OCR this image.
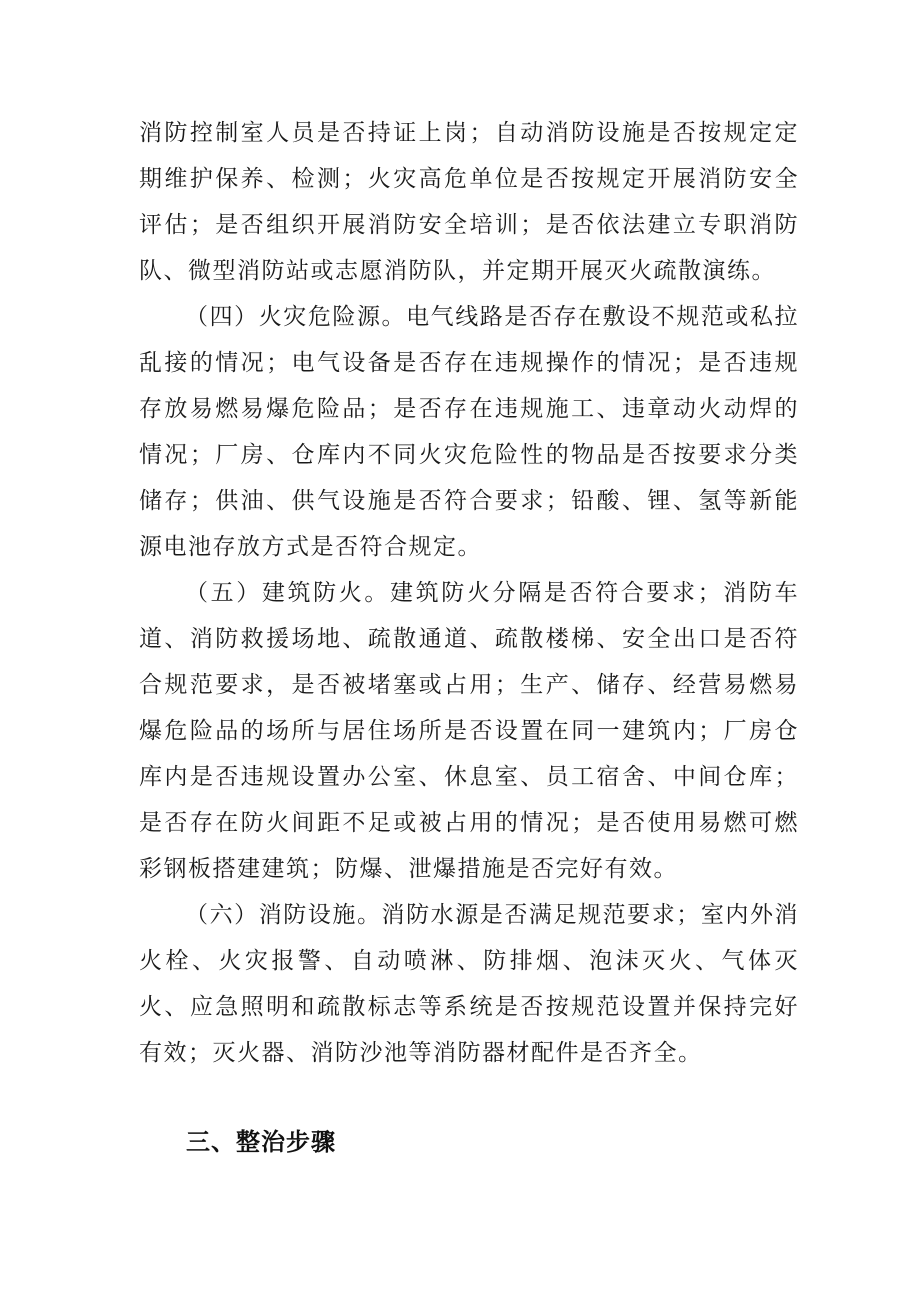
消防控制室人员是否持证上岗；自动消防设施是否按规定定期维护保养、检测；火灾高危单位是否按规定开展消防安全评估；是否组织开展消防安全培训；是否依法建立专职消防队、微型消防站或志愿消防队，并定期开展灭火疏散演练。

（四）火灾危险源。电气线路是否存在敷设不规范或私拉乱接的情况；电气设备是否存在违规操作的情况；是否违规存放易燃易爆危险品；是否存在违规施工、违章动火动焊的情况；厂房、仓库内不同火灾危险性的物品是否按要求分类储存；供油、供气设施是否符合要求；铅酸、锂、氢等新能源电池存放方式是否符合规定。

（五）建筑防火。建筑防火分隔是否符合要求；消防车道、消防救援场地、疏散通道、疏散楼梯、安全出口是否符合规范要求，是否被堵塞或占用；生产、储存、经营易燃易爆危险品的场所与居住场所是否设置在同一建筑内；厂房仓库内是否违规设置办公室、休息室、员工宿舍、中间仓库；是否存在防火间距不足或被占用的情况；是否使用易燃可燃彩钢板搭建建筑；防爆、泄爆措施是否完好有效。

（六）消防设施。消防水源是否满足规范要求；室内外消火栓、火灾报警、自动喷淋、防排烟、泡沫灭火、气体灭火、应急照明和疏散标志等系统是否按规范设置并保持完好有效；灭火器、消防沙池等消防器材配件是否齐全。

三、整治步骤
